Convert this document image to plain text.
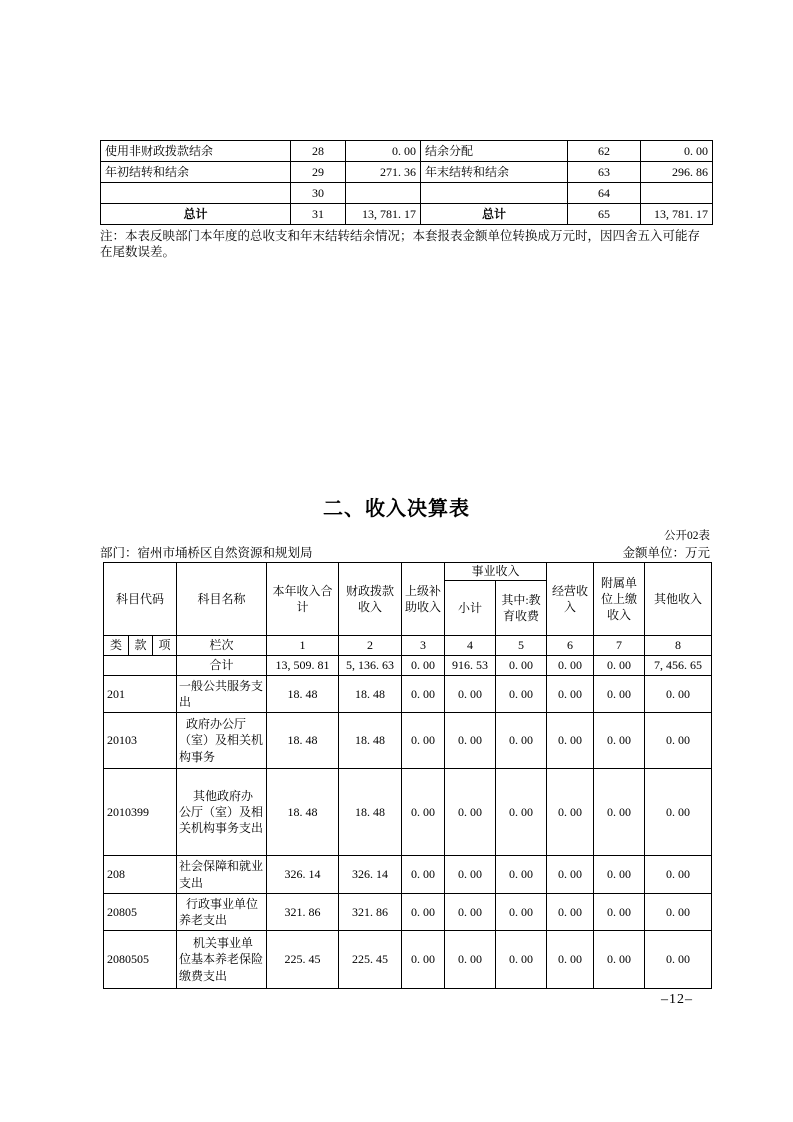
使用非财政拨款结余	28	0. 00	结余分配	62	0. 00
年初结转和结余	29	271. 36	年末结转和结余	63	296. 86
	30			64	
总计	31	13, 781. 17	总计	65	13, 781. 17

注：本表反映部门本年度的总收支和年末结转结余情况；本套报表金额单位转换成万元时，因四舍五入可能存在尾数误差。

二、收入决算表
公开02表
部门：宿州市埇桥区自然资源和规划局	金额单位：万元
科目代码			科目名称	本年收入合计	财政拨款收入	上级补助收入	事业收入		经营收入	附属单位上缴收入	其他收入
							小计	其中:教育收费			
类	款	项	栏次	1	2	3	4	5	6	7	8
			合计	13, 509. 81	5, 136. 63	0. 00	916. 53	0. 00	0. 00	0. 00	7, 456. 65
201			一般公共服务支出	18. 48	18. 48	0. 00	0. 00	0. 00	0. 00	0. 00	0. 00
20103			政府办公厅（室）及相关机构事务	18. 48	18. 48	0. 00	0. 00	0. 00	0. 00	0. 00	0. 00
2010399			其他政府办公厅（室）及相关机构事务支出	18. 48	18. 48	0. 00	0. 00	0. 00	0. 00	0. 00	0. 00
208			社会保障和就业支出	326. 14	326. 14	0. 00	0. 00	0. 00	0. 00	0. 00	0. 00
20805			行政事业单位养老支出	321. 86	321. 86	0. 00	0. 00	0. 00	0. 00	0. 00	0. 00
2080505			机关事业单位基本养老保险缴费支出	225. 45	225. 45	0. 00	0. 00	0. 00	0. 00	0. 00	0. 00
–12–
